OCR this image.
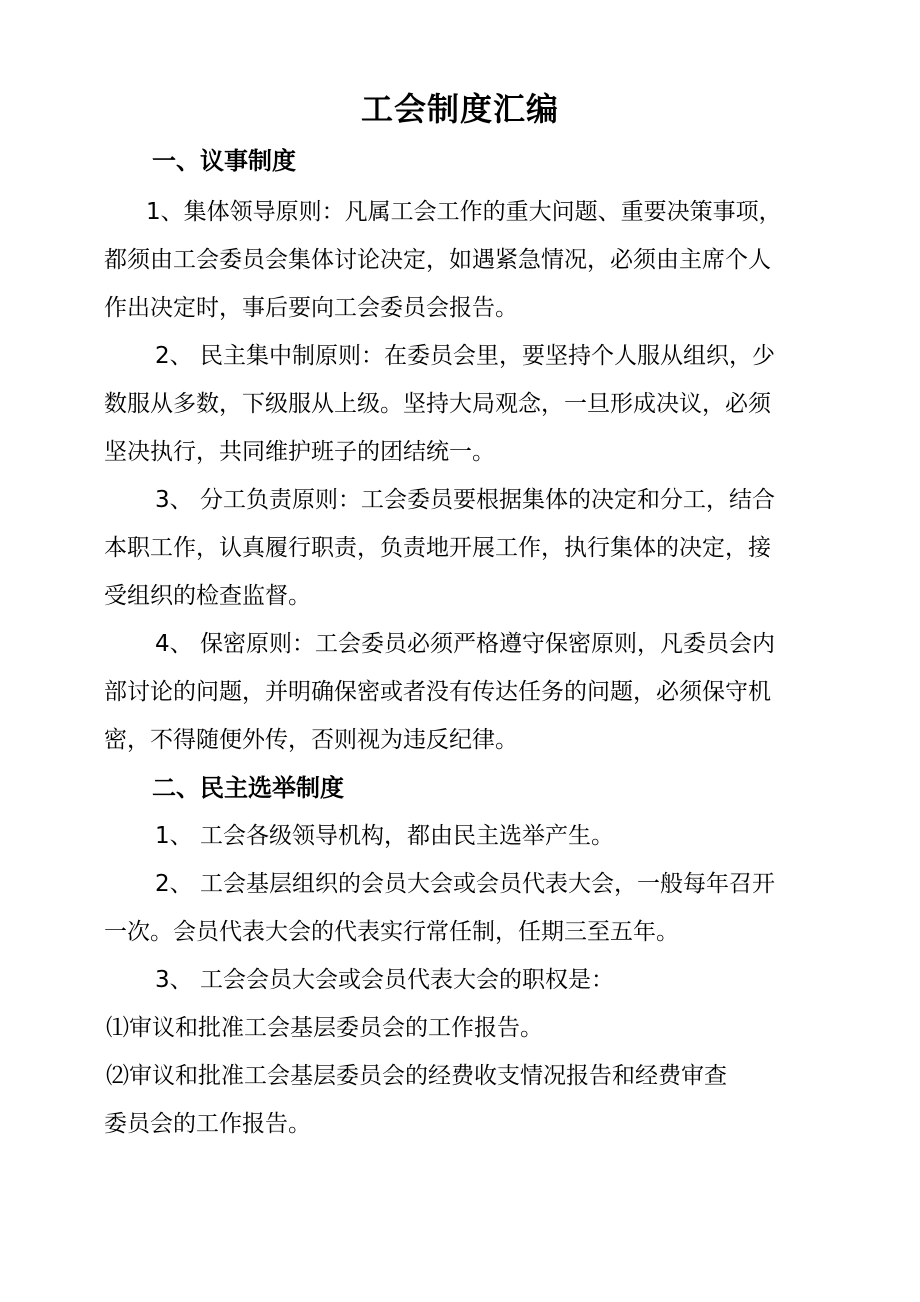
工会制度汇编
一、议事制度
1、集体领导原则：凡属工会工作的重大问题、重要决策事项，
都须由工会委员会集体讨论决定，如遇紧急情况，必须由主席个人
作出决定时，事后要向工会委员会报告。
2、 民主集中制原则：在委员会里，要坚持个人服从组织，少
数服从多数，下级服从上级。坚持大局观念，一旦形成决议，必须
坚决执行，共同维护班子的团结统一。
3、 分工负责原则：工会委员要根据集体的决定和分工，结合
本职工作，认真履行职责，负责地开展工作，执行集体的决定，接
受组织的检查监督。
4、 保密原则：工会委员必须严格遵守保密原则，凡委员会内
部讨论的问题，并明确保密或者没有传达任务的问题，必须保守机
密，不得随便外传，否则视为违反纪律。
二、民主选举制度
1、 工会各级领导机构，都由民主选举产生。
2、 工会基层组织的会员大会或会员代表大会，一般每年召开
一次。会员代表大会的代表实行常任制，任期三至五年。
3、 工会会员大会或会员代表大会的职权是：
⑴审议和批准工会基层委员会的工作报告。
⑵审议和批准工会基层委员会的经费收支情况报告和经费审查
委员会的工作报告。
